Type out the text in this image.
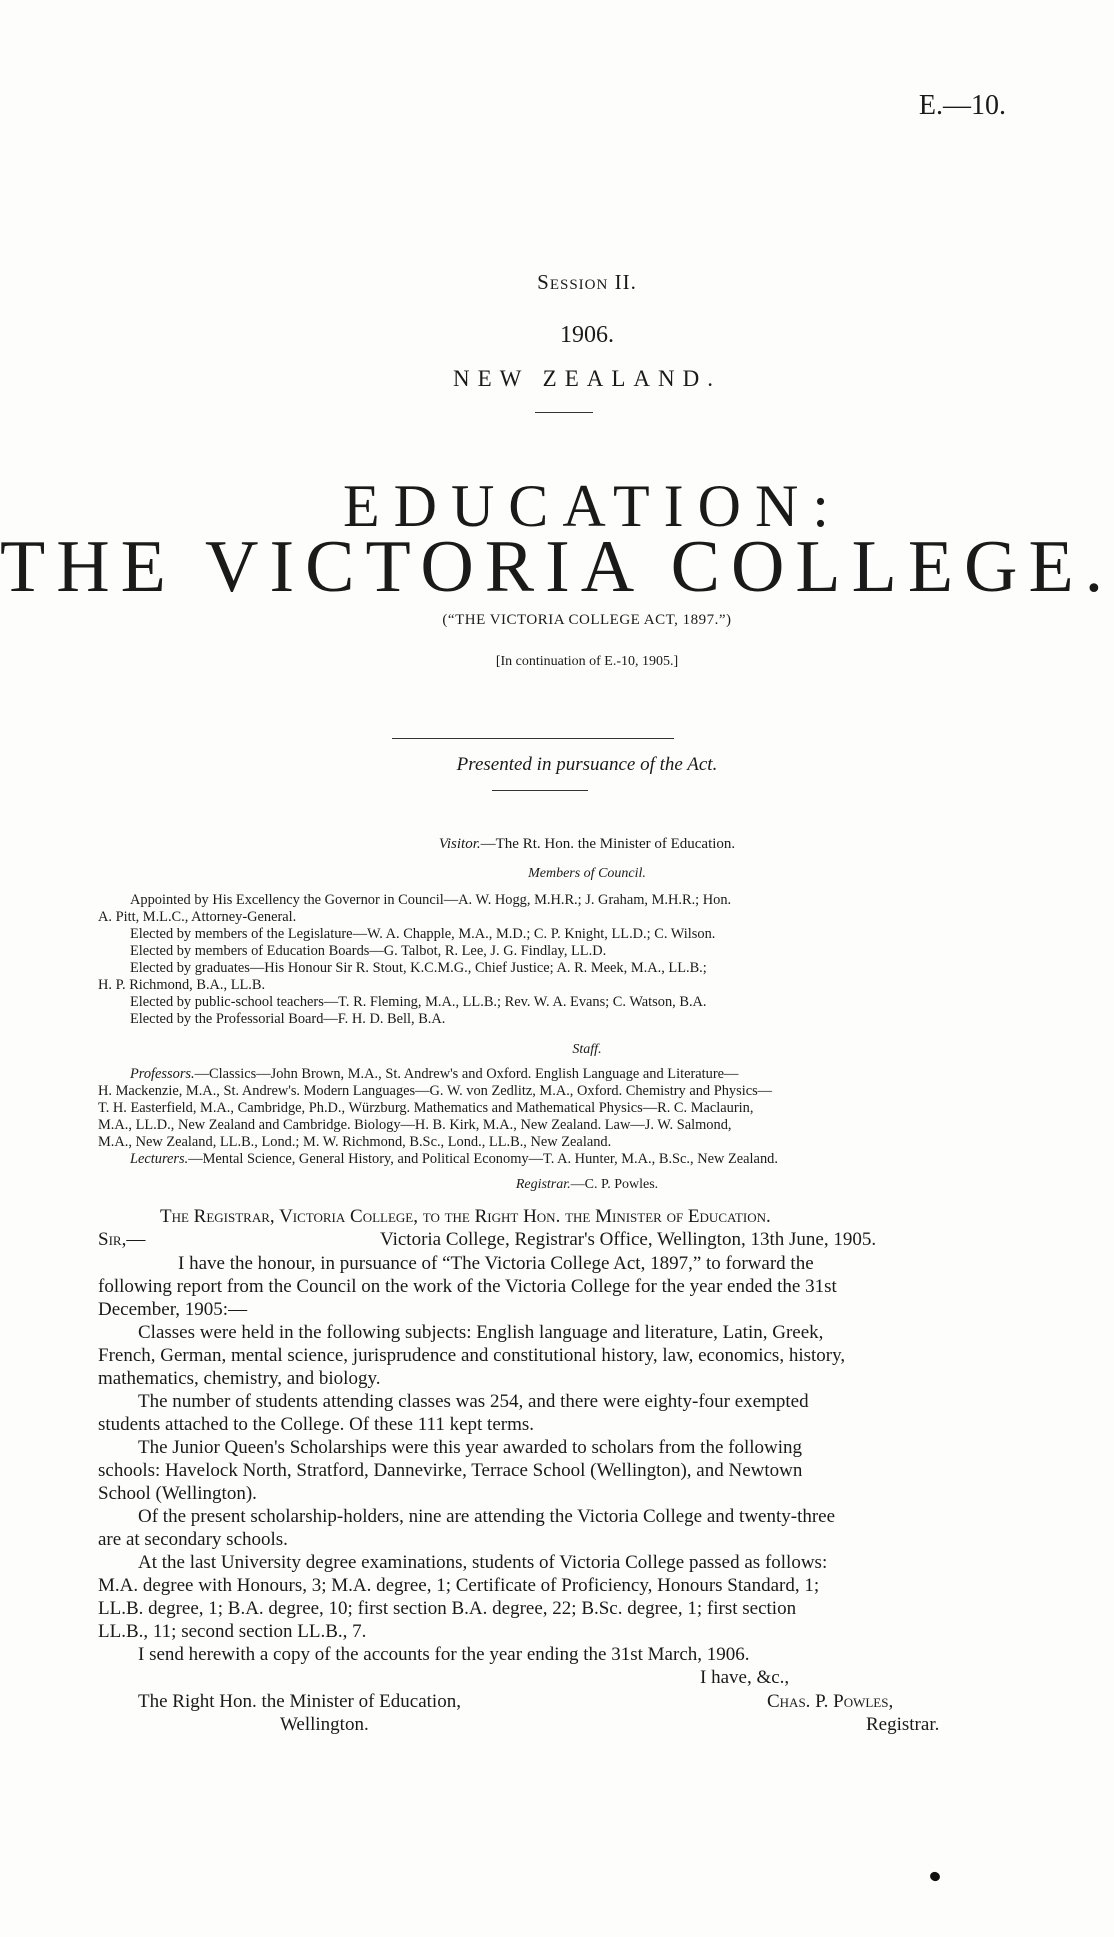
E.—10.
Session II.
1906.
NEW ZEALAND.
EDUCATION:
THE VICTORIA COLLEGE.
(“THE VICTORIA COLLEGE ACT, 1897.”)
[In continuation of E.-10, 1905.]
Presented in pursuance of the Act.
Visitor.—The Rt. Hon. the Minister of Education.
Members of Council.
Appointed by His Excellency the Governor in Council—A. W. Hogg, M.H.R.; J. Graham, M.H.R.; Hon.
A. Pitt, M.L.C., Attorney-General.
Elected by members of the Legislature—W. A. Chapple, M.A., M.D.; C. P. Knight, LL.D.; C. Wilson.
Elected by members of Education Boards—G. Talbot, R. Lee, J. G. Findlay, LL.D.
Elected by graduates—His Honour Sir R. Stout, K.C.M.G., Chief Justice; A. R. Meek, M.A., LL.B.;
H. P. Richmond, B.A., LL.B.
Elected by public-school teachers—T. R. Fleming, M.A., LL.B.; Rev. W. A. Evans; C. Watson, B.A.
Elected by the Professorial Board—F. H. D. Bell, B.A.
Staff.
Professors.—Classics—John Brown, M.A., St. Andrew's and Oxford. English Language and Literature—
H. Mackenzie, M.A., St. Andrew's. Modern Languages—G. W. von Zedlitz, M.A., Oxford. Chemistry and Physics—
T. H. Easterfield, M.A., Cambridge, Ph.D., Würzburg. Mathematics and Mathematical Physics—R. C. Maclaurin,
M.A., LL.D., New Zealand and Cambridge. Biology—H. B. Kirk, M.A., New Zealand. Law—J. W. Salmond,
M.A., New Zealand, LL.B., Lond.; M. W. Richmond, B.Sc., Lond., LL.B., New Zealand.
Lecturers.—Mental Science, General History, and Political Economy—T. A. Hunter, M.A., B.Sc., New Zealand.
Registrar.—C. P. Powles.
The Registrar, Victoria College, to the Right Hon. the Minister of Education.
Sir,—	Victoria College, Registrar's Office, Wellington, 13th June, 1905.
I have the honour, in pursuance of “The Victoria College Act, 1897,” to forward the
following report from the Council on the work of the Victoria College for the year ended the 31st
December, 1905:—
Classes were held in the following subjects: English language and literature, Latin, Greek,
French, German, mental science, jurisprudence and constitutional history, law, economics, history,
mathematics, chemistry, and biology.
The number of students attending classes was 254, and there were eighty-four exempted
students attached to the College. Of these 111 kept terms.
The Junior Queen's Scholarships were this year awarded to scholars from the following
schools: Havelock North, Stratford, Dannevirke, Terrace School (Wellington), and Newtown
School (Wellington).
Of the present scholarship-holders, nine are attending the Victoria College and twenty-three
are at secondary schools.
At the last University degree examinations, students of Victoria College passed as follows:
M.A. degree with Honours, 3; M.A. degree, 1; Certificate of Proficiency, Honours Standard, 1;
LL.B. degree, 1; B.A. degree, 10; first section B.A. degree, 22; B.Sc. degree, 1; first section
LL.B., 11; second section LL.B., 7.
I send herewith a copy of the accounts for the year ending the 31st March, 1906.
I have, &c.,
The Right Hon. the Minister of Education,
Wellington.
Chas. P. Powles,
Registrar.
